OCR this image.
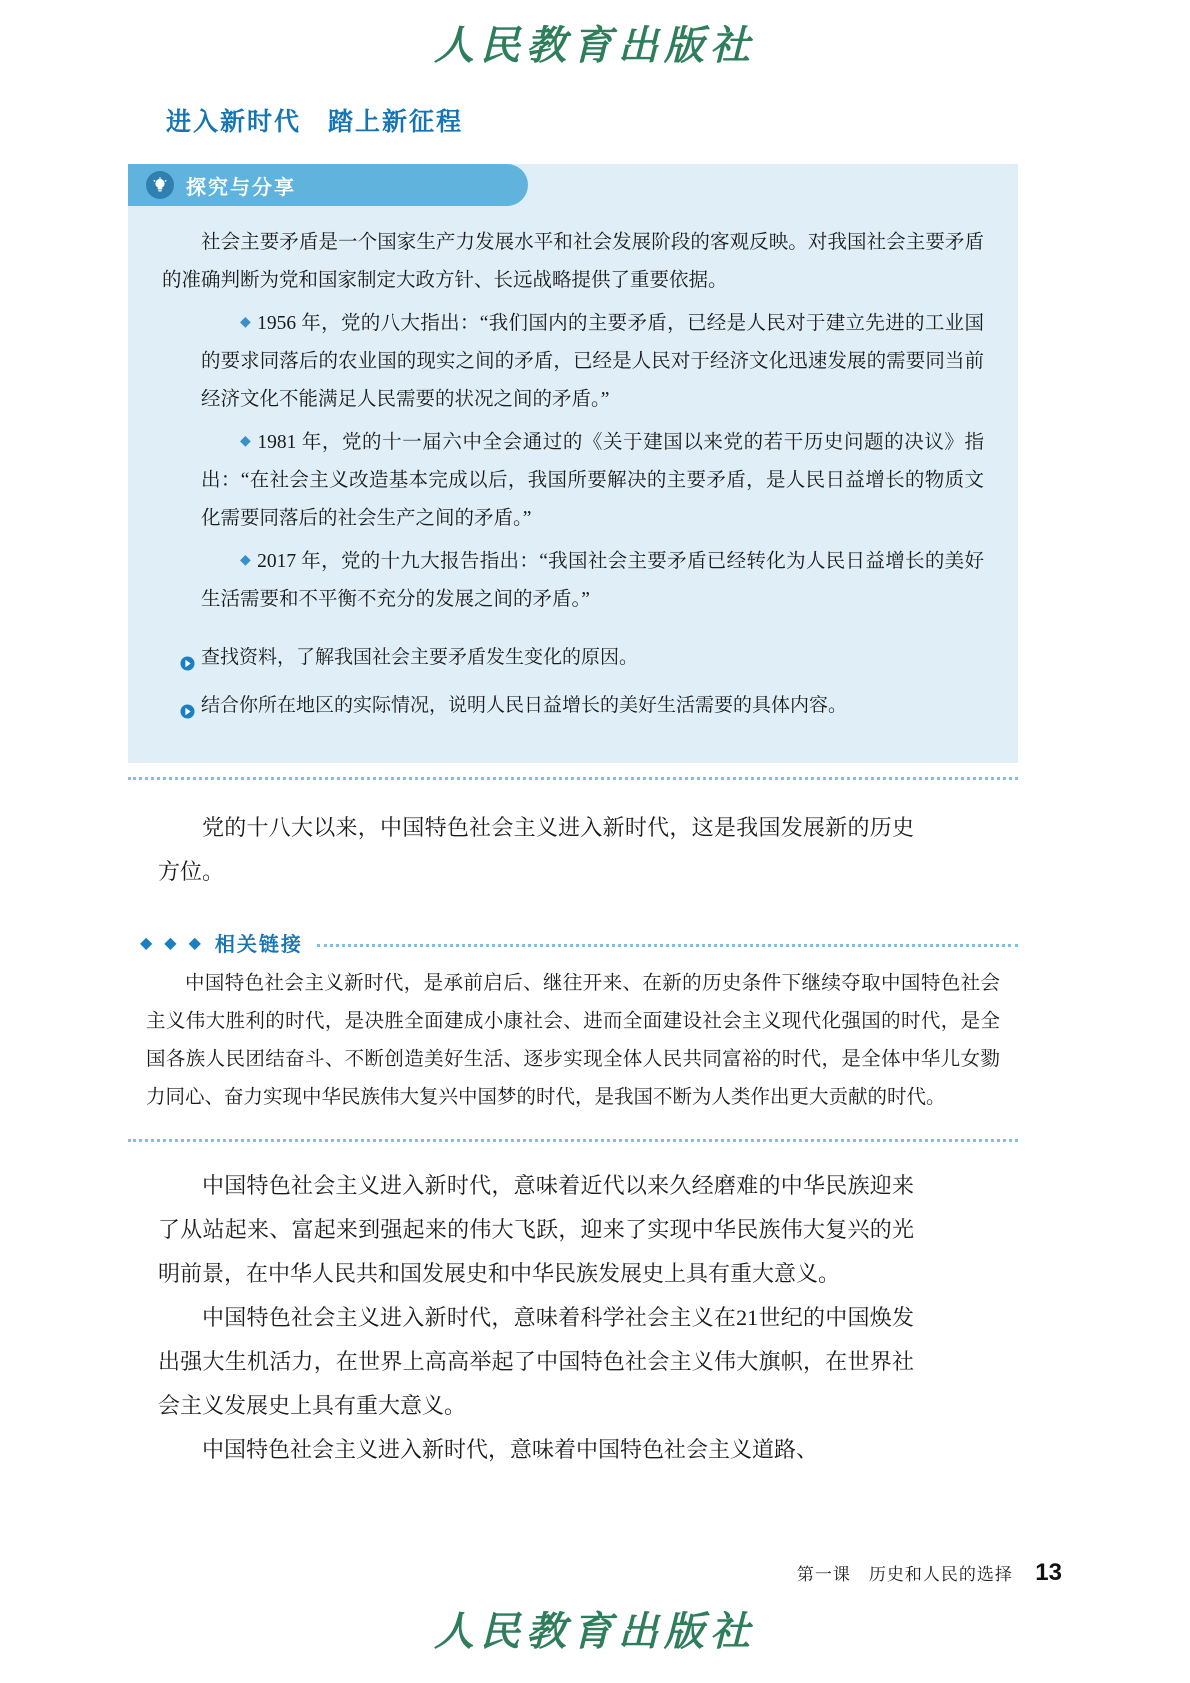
人民教育出版社
进入新时代　踏上新征程
探究与分享

社会主要矛盾是一个国家生产力发展水平和社会发展阶段的客观反映。对我国社会主要矛盾的准确判断为党和国家制定大政方针、长远战略提供了重要依据。

◆ 1956 年，党的八大指出：“我们国内的主要矛盾，已经是人民对于建立先进的工业国的要求同落后的农业国的现实之间的矛盾，已经是人民对于经济文化迅速发展的需要同当前经济文化不能满足人民需要的状况之间的矛盾。”

◆ 1981 年，党的十一届六中全会通过的《关于建国以来党的若干历史问题的决议》指出：“在社会主义改造基本完成以后，我国所要解决的主要矛盾，是人民日益增长的物质文化需要同落后的社会生产之间的矛盾。”

◆ 2017 年，党的十九大报告指出：“我国社会主要矛盾已经转化为人民日益增长的美好生活需要和不平衡不充分的发展之间的矛盾。”

查找资料，了解我国社会主要矛盾发生变化的原因。
结合你所在地区的实际情况，说明人民日益增长的美好生活需要的具体内容。

党的十八大以来，中国特色社会主义进入新时代，这是我国发展新的历史方位。

◆ ◆ ◆ 相关链接

中国特色社会主义新时代，是承前启后、继往开来、在新的历史条件下继续夺取中国特色社会主义伟大胜利的时代，是决胜全面建成小康社会、进而全面建设社会主义现代化强国的时代，是全国各族人民团结奋斗、不断创造美好生活、逐步实现全体人民共同富裕的时代，是全体中华儿女勠力同心、奋力实现中华民族伟大复兴中国梦的时代，是我国不断为人类作出更大贡献的时代。

中国特色社会主义进入新时代，意味着近代以来久经磨难的中华民族迎来了从站起来、富起来到强起来的伟大飞跃，迎来了实现中华民族伟大复兴的光明前景，在中华人民共和国发展史和中华民族发展史上具有重大意义。

中国特色社会主义进入新时代，意味着科学社会主义在21世纪的中国焕发出强大生机活力，在世界上高高举起了中国特色社会主义伟大旗帜，在世界社会主义发展史上具有重大意义。

中国特色社会主义进入新时代，意味着中国特色社会主义道路、

第一课　历史和人民的选择 13
人民教育出版社
